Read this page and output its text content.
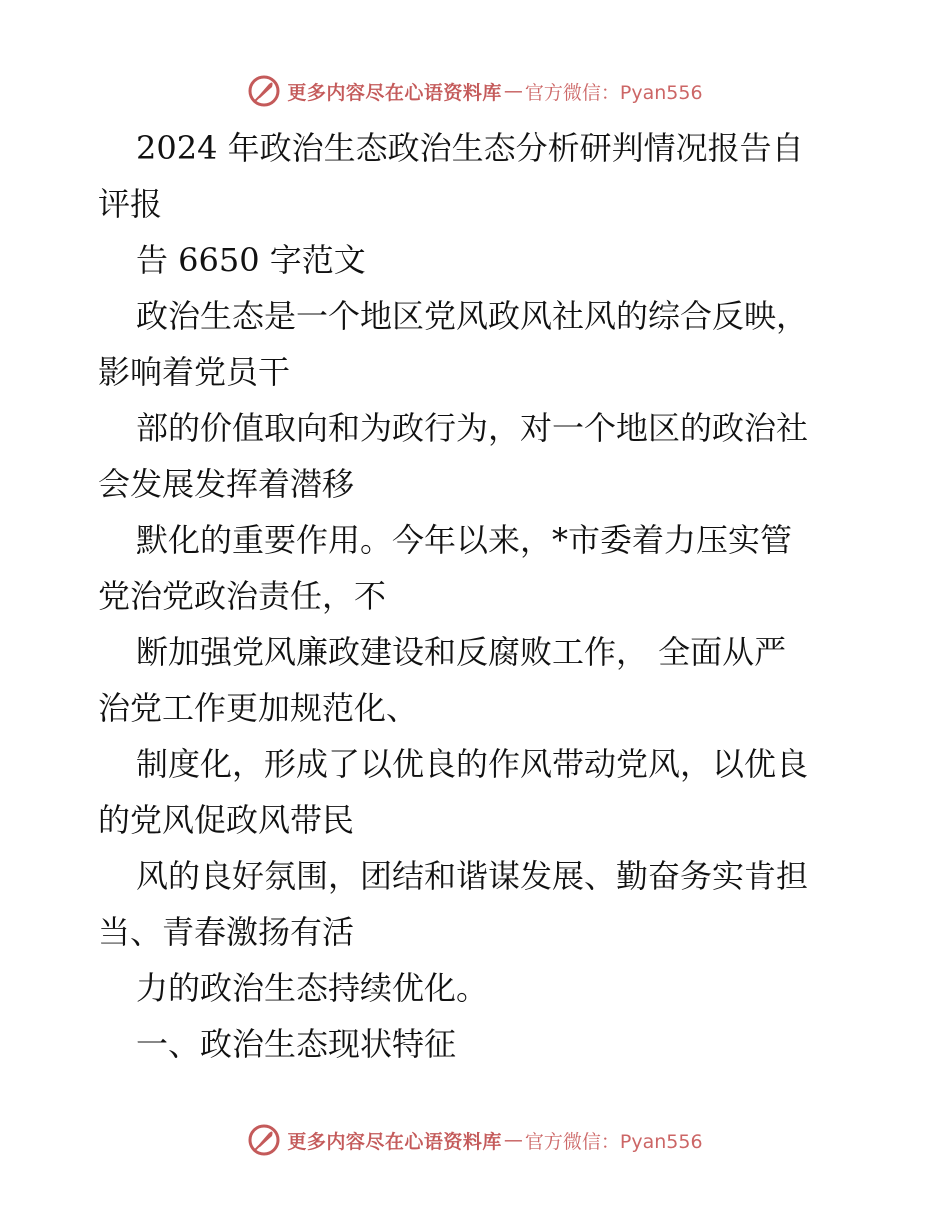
更多内容尽在心语资料库 — 官方微信：Pyan556
2024 年政治生态政治生态分析研判情况报告自
评报
告 6650 字范文
政治生态是一个地区党风政风社风的综合反映，
影响着党员干
部的价值取向和为政行为，对一个地区的政治社
会发展发挥着潜移
默化的重要作用。今年以来，*市委着力压实管
党治党政治责任，不
断加强党风廉政建设和反腐败工作， 全面从严
治党工作更加规范化、
制度化，形成了以优良的作风带动党风，以优良
的党风促政风带民
风的良好氛围，团结和谐谋发展、勤奋务实肯担
当、青春激扬有活
力的政治生态持续优化。
一、政治生态现状特征
更多内容尽在心语资料库 — 官方微信：Pyan556
